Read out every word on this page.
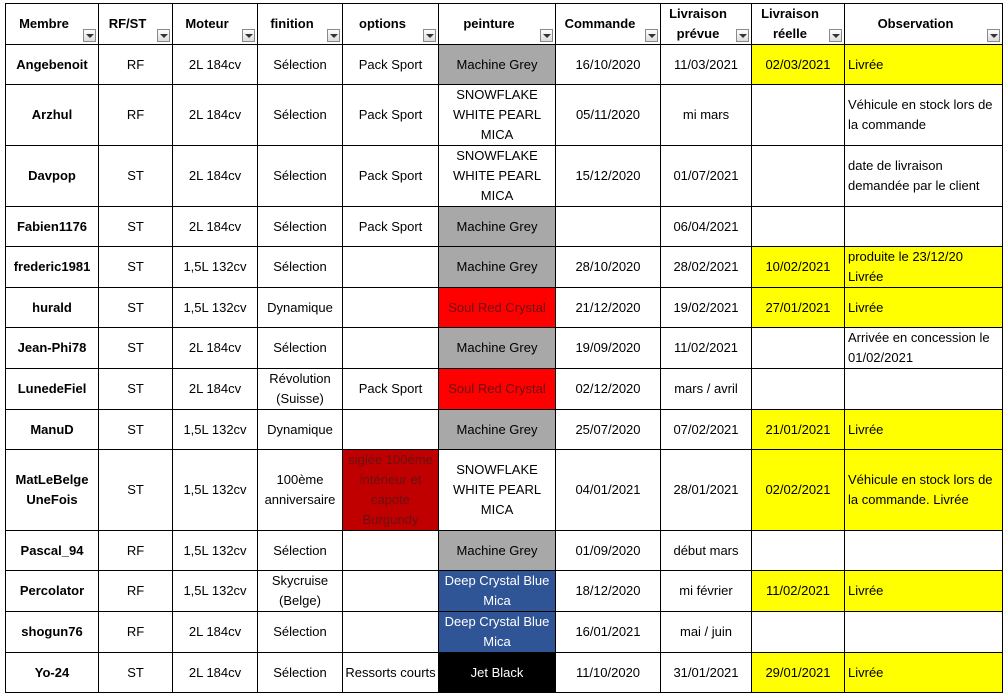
Membre	RF/ST	Moteur	finition	options	peinture	Commande	Livraison prévue	Livraison réelle	Observation

Angebenoit	RF	2L 184cv	Sélection	Pack Sport	Machine Grey	16/10/2020	11/03/2021	02/03/2021	Livrée
Arzhul	RF	2L 184cv	Sélection	Pack Sport	SNOWFLAKE WHITE PEARL MICA	05/11/2020	mi mars		Véhicule en stock lors de la commande
Davpop	ST	2L 184cv	Sélection	Pack Sport	SNOWFLAKE WHITE PEARL MICA	15/12/2020	01/07/2021		date de livraison demandée par le client
Fabien1176	ST	2L 184cv	Sélection	Pack Sport	Machine Grey		06/04/2021		
frederic1981	ST	1,5L 132cv	Sélection		Machine Grey	28/10/2020	28/02/2021	10/02/2021	produite le 23/12/20 Livrée
hurald	ST	1,5L 132cv	Dynamique		Soul Red Crystal	21/12/2020	19/02/2021	27/01/2021	Livrée
Jean-Phi78	ST	2L 184cv	Sélection		Machine Grey	19/09/2020	11/02/2021		Arrivée en concession le 01/02/2021
LunedeFiel	ST	2L 184cv	Révolution (Suisse)	Pack Sport	Soul Red Crystal	02/12/2020	mars / avril		
ManuD	ST	1,5L 132cv	Dynamique		Machine Grey	25/07/2020	07/02/2021	21/01/2021	Livrée
MatLeBelge UneFois	ST	1,5L 132cv	100ème anniversaire	siglée 100ème intérieur et capote Burgundy	SNOWFLAKE WHITE PEARL MICA	04/01/2021	28/01/2021	02/02/2021	Véhicule en stock lors de la commande. Livrée
Pascal_94	RF	1,5L 132cv	Sélection		Machine Grey	01/09/2020	début mars		
Percolator	RF	1,5L 132cv	Skycruise (Belge)		Deep Crystal Blue Mica	18/12/2020	mi février	11/02/2021	Livrée
shogun76	RF	2L 184cv	Sélection		Deep Crystal Blue Mica	16/01/2021	mai / juin		
Yo-24	ST	2L 184cv	Sélection	Ressorts courts	Jet Black	11/10/2020	31/01/2021	29/01/2021	Livrée
